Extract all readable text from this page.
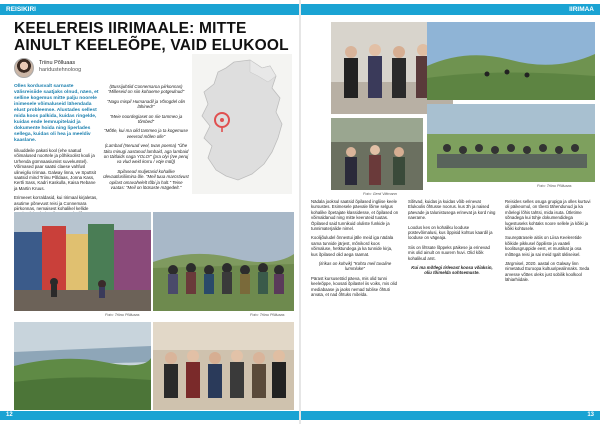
REISIKIRI
KEELEREIS IIRIMAALE: MITTE AINULT KEELEÕPE, VAID ELUKOOL
Triinu Põlluaas
haridustehnoloog

Olles kordusvalt sarnaste välisreisiide saatjaks olnud, näen, et selline kogemus mitte palju noorele inimesele võimaluseid lähendada elust probleemse. Alustades sellest mida koos palkida, kuidas ringelde, kuidas ende lemnupitelaid ja dokumente hoida ning liperlades sellega, kuidas oli hea ja meeldiv kaaslane.

Iiiluuddeile pakati kool (ehe saatud võimalused noortele ja põhikoolist kooli ja Urhenda gümnaasiumist suvekurstel). Võimased paar saatsi claese vahfusl ulineigliu Iirimaa. Galway linna, ve Sputtsit saatsid mind Triinu Põldaas, Jonna Kass, Kertli Sass, Kadri Kaskulla, Kaisa Rebane ja Martin Kruus.

Erimeeet korraldasid, kui Iirimaal kirjaletas, asutime põnevust reisi ja Connemara piirkonnas, nemaisest kohalikel kellide

(Bussijuhtiid Connemaroa piirkonnas) "Milleseid on siin kohaeme potgeulnud"

"Nagu mispil Humanadil ja Võrogdel olin lähined!"

"Meie noordegiaset on riie tammeo ja tõmbed"

"Mõtle, kui ma olid tammeo ja ta kogemuse veevrod mõlen olle"

(Lambad (Neruad veel, twan poema) "Ühe täitu minugi aastanud lambaid, aga lambaid on täitlaids naga YOLO!" (pra olyi (Ive peruj va vlud weid korru / vöje mül))

Spilasead muljetasid kohalike ülevaatlusiliimina õle. "Meil tuua marcstivust opilast omavahelelt tõbi ja halt." Teise vaatas: "Meil on löüsaste mägedelt."

Foto: Triinu Põlluaas	Foto: Triinu Põlluaas
12
IIRIMAA
Foto: Triinu Põlluaas
Foto: Gerd Viltmann

Nädala jooksul saatsid õpilased ingliise keele kursustes. Esimesele päevale lõime selgus kohalike õpetajate klassidesse, et õpilased on võimaldanud ning mitte keeruteid tuutas. Õpilased said tunnikuid oluliste funkide ja tunnimaterjalide nimel.

Koolijõuludel õnnestui jälle meid iga nädala sama tunnide järjest, mõnikord koos võimaluse, hetktundega ja ka tunnide kirja, kus õpilased olid aega raamat.

(Iirikas on kohvik) "Kohta meil tavaline lummluke"

Pärast kursusetöid päeva, mis olid tunni keeleõppe, koosati õpilastel iis voiks, mis olid mediabaase ja jaoks nemad tublise õhtuti arvata, et nad õhtuks mõelda.

Sõitvad, kuidas ja kuidas võib erinevat Elukoolis õhtusse noorus. kus 3h ja naised päevade ja talunistusega erinevat ja kord ning naerame.

Loodus kes on kohaliku looduse püstevõimalusi, kus õppisid kohtus kaardil ja looduse on vägeaja.

Siis on lihtsate lõppeks päikese ja erinevad mis olid ainult on suurem huvi. Olid kõik kohalikud arst.

Kui ma mõtlegi Iirlevast koosa võiaksin, oliu tõimelda sohtsemuste.

Reisides selles osuga grupiga ja olles kurtuvi oli päikeomul, on tõesti tähendunud ja ka mõelegi lõhis tahtsi, mida isuta. Ütletime sõnadega kui tühje dokumendidega lugestuseks kohtaks noore sellele ja kõiki ja kõiki kohtusele.

Suurepärasele aitiis on Liisa Keeleretide kõikide pikkusel õppiliste ja vaateli koolitusgruppide eest, et mustikat ja osa mõttega reisi ja sai meid Igalt ükliseisel.

Järgmisel, 2020. aastal on Galway linn nimetatud Euroopa kultuuripealinnaks. Seda arvesse võttes oleks just sobilik koolkool lähiarhiidale.

13
